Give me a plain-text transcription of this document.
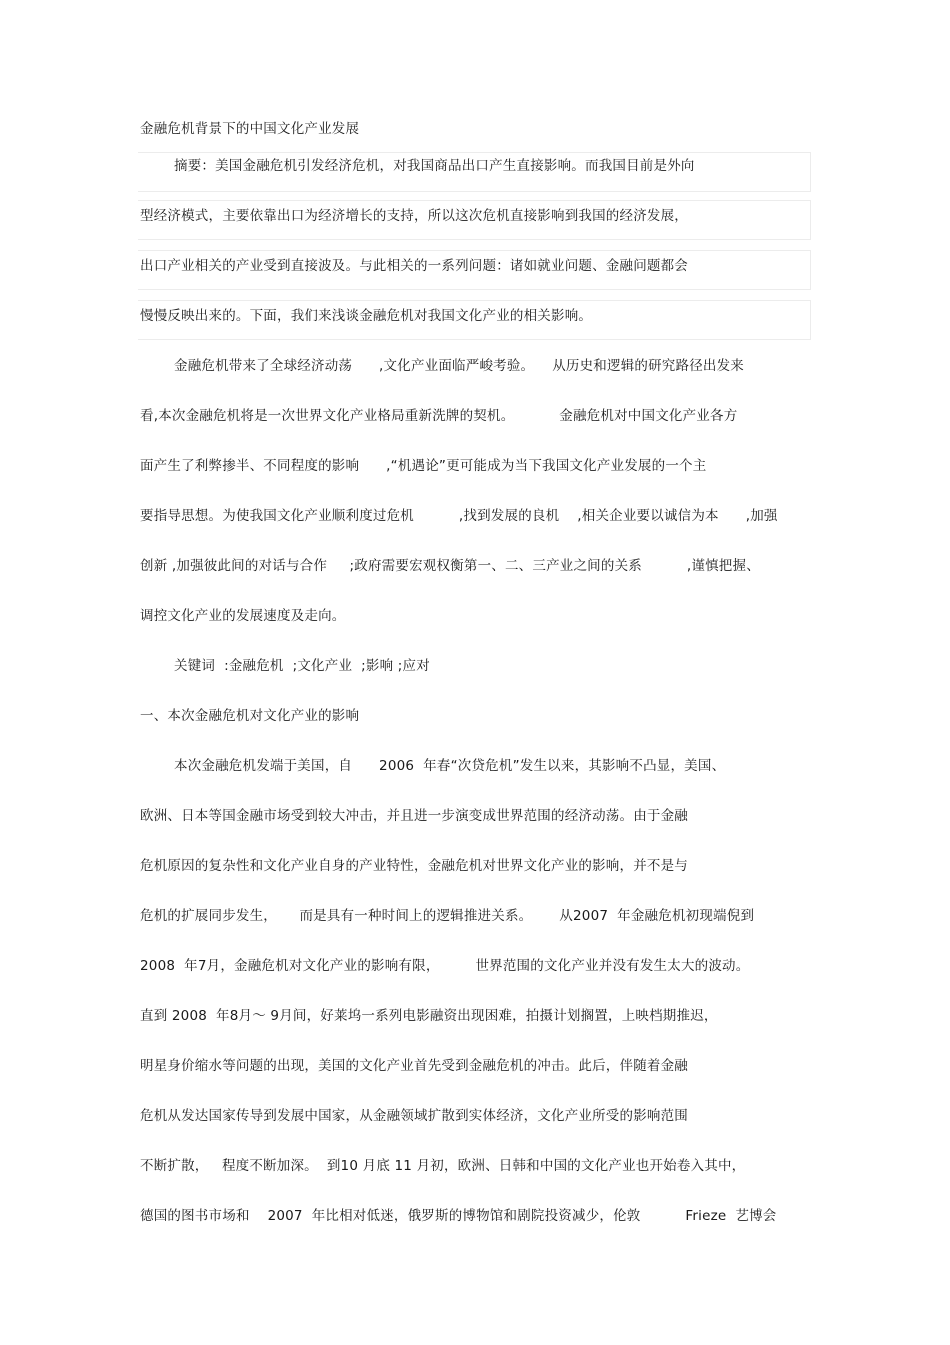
金融危机背景下的中国文化产业发展
摘要：美国金融危机引发经济危机，对我国商品出口产生直接影响。而我国目前是外向
型经济模式，主要依靠出口为经济增长的支持，所以这次危机直接影响到我国的经济发展，
出口产业相关的产业受到直接波及。与此相关的一系列问题：诸如就业问题、金融问题都会
慢慢反映出来的。下面，我们来浅谈金融危机对我国文化产业的相关影响。
金融危机带来了全球经济动荡      ,文化产业面临严峻考验。    从历史和逻辑的研究路径出发来
看,本次金融危机将是一次世界文化产业格局重新洗牌的契机。          金融危机对中国文化产业各方
面产生了利弊掺半、不同程度的影响      ,“机遇论”更可能成为当下我国文化产业发展的一个主
要指导思想。为使我国文化产业顺利度过危机          ,找到发展的良机    ,相关企业要以诚信为本      ,加强
创新 ,加强彼此间的对话与合作     ;政府需要宏观权衡第一、二、三产业之间的关系          ,谨慎把握、
调控文化产业的发展速度及走向。
关键词  :金融危机  ;文化产业  ;影响 ;应对
一、本次金融危机对文化产业的影响
本次金融危机发端于美国，自      2006  年春“次贷危机”发生以来，其影响不凸显，美国、
欧洲、日本等国金融市场受到较大冲击，并且进一步演变成世界范围的经济动荡。由于金融
危机原因的复杂性和文化产业自身的产业特性，金融危机对世界文化产业的影响，并不是与
危机的扩展同步发生，     而是具有一种时间上的逻辑推进关系。      从2007  年金融危机初现端倪到
2008  年7月，金融危机对文化产业的影响有限，        世界范围的文化产业并没有发生太大的波动。
直到 2008  年8月～ 9月间，好莱坞一系列电影融资出现困难，拍摄计划搁置，上映档期推迟，
明星身价缩水等问题的出现，美国的文化产业首先受到金融危机的冲击。此后，伴随着金融
危机从发达国家传导到发展中国家，从金融领域扩散到实体经济，文化产业所受的影响范围
不断扩散，   程度不断加深。  到10 月底 11 月初，欧洲、日韩和中国的文化产业也开始卷入其中，
德国的图书市场和    2007  年比相对低迷，俄罗斯的博物馆和剧院投资减少，伦敦          Frieze  艺博会
